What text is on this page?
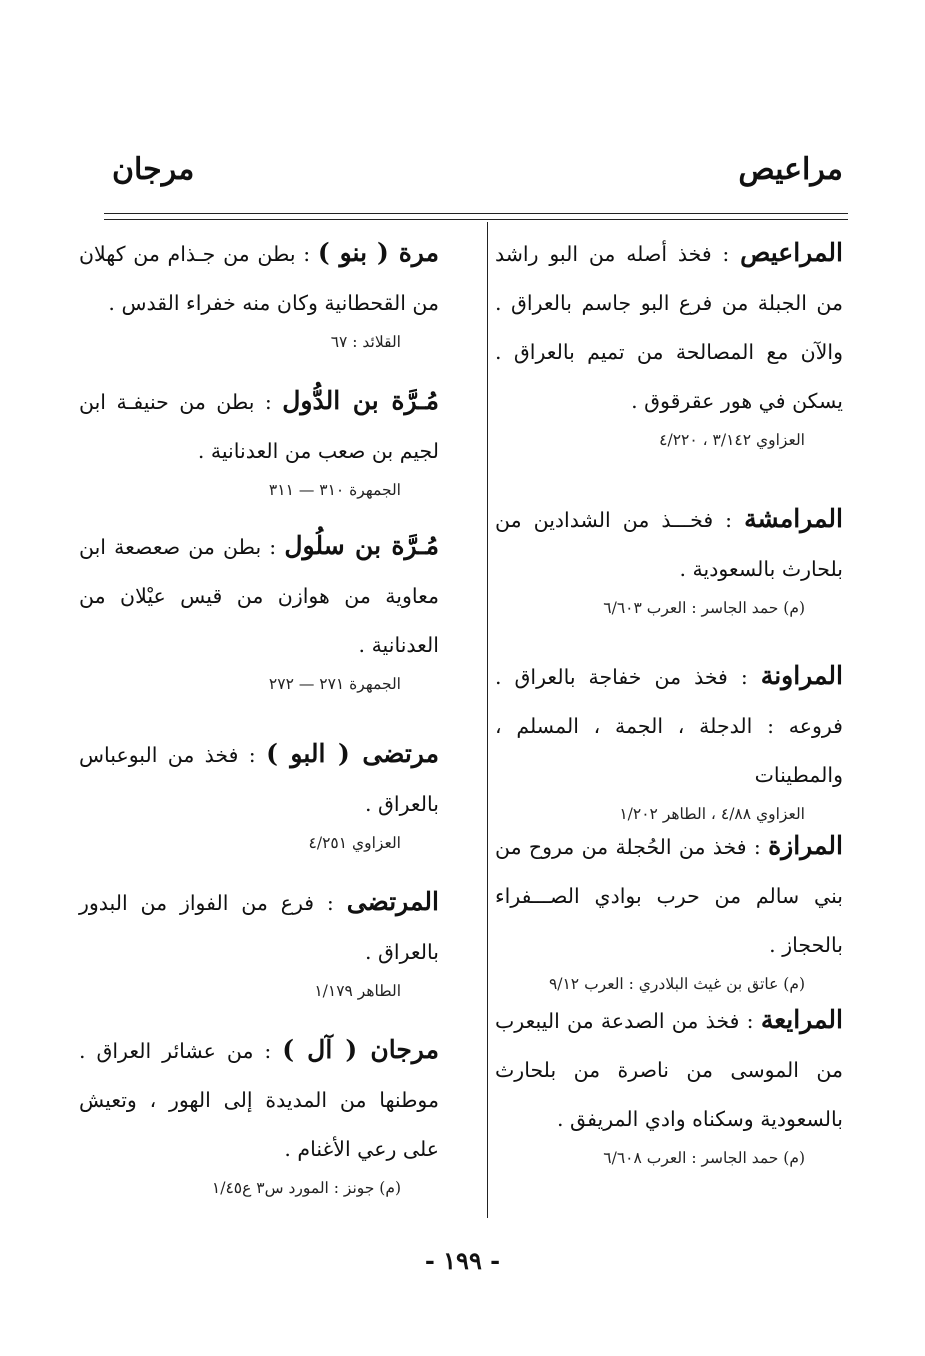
مراعيص
مرجان

المراعيص : فخذ أصله من البو راشد من الجبلة من فرع البو جاسم بالعراق . والآن مع المصالحة من تميم بالعراق . يسكن في هور عقرقوق .

العزاوي ٣/١٤٢ ، ٤/٢٢٠

المرامشة : فخـــذ من الشدادين من بلحارث بالسعودية .

(م) حمد الجاسر : العرب ٦/٦٠٣

المراونة : فخذ من خفاجة بالعراق . فروعه : الدجلة ، الجمة ، المسلم ، والمطينات

العزاوي ٤/٨٨ ، الطاهر ١/٢٠٢

المرازة : فخذ من الحُجلة من مروح من بني سالم من حرب بوادي الصـــفراء بالحجاز .

(م) عاتق بن غيث البلادري : العرب ٩/١٢

المرايعة : فخذ من الصدعة من اليبعرب من الموسى من ناصرة من بلحارث بالسعودية وسكناه وادي المريفق .

(م) حمد الجاسر : العرب ٦/٦٠٨

مرة ( بنو ) : بطن من جـذام من كهلان من القحطانية وكان منه خفراء القدس .

القلائد : ٦٧

مُـرَّة بن الدُّول : بطن من حنيفـة ابن لجيم بن صعب من العدنانية .

الجمهرة ٣١٠ — ٣١١

مُـرَّة بن سلُول : بطن من صعصعة ابن معاوية من هوازن من قيس عيْلان من العدنانية .

الجمهرة ٢٧١ — ٢٧٢

مرتضى ( البو ) : فخذ من البوعباس بالعراق .

العزاوي ٤/٢٥١

المرتضى : فرع من الفواز من البدور بالعراق .

الطاهر ١/١٧٩

مرجان ( آل ) : من عشائر العراق . موطنها من المديدة إلى الهور ، وتعيش على رعي الأغنام .

(م) جونز : المورد س٣ ع١/٤٥

- ١٩٩ -
